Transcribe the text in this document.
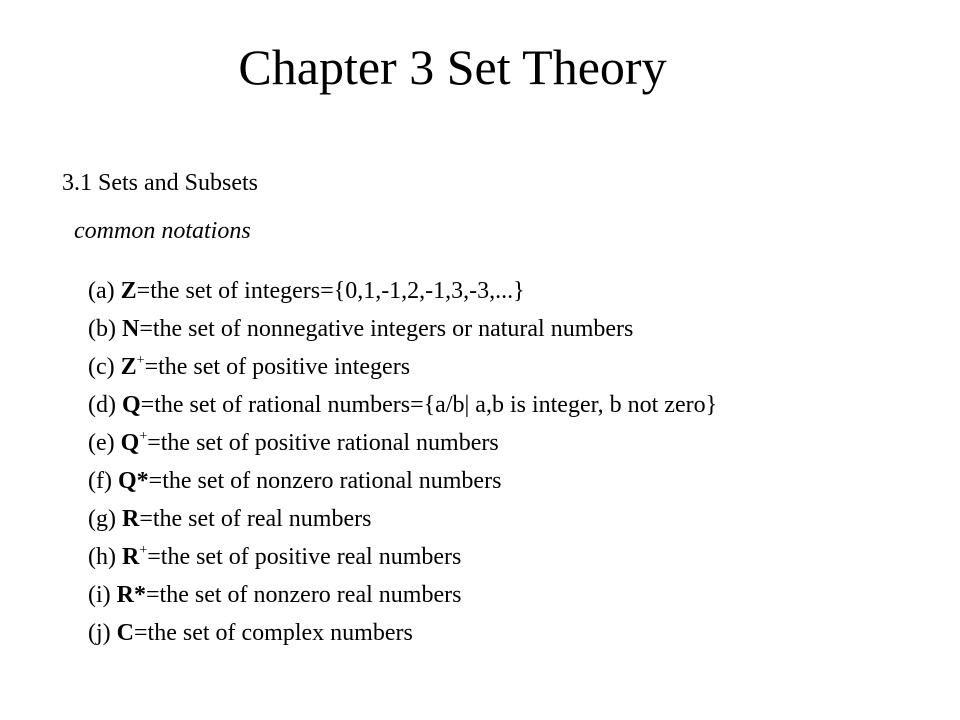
Chapter 3 Set Theory
3.1 Sets and Subsets
common notations
(a) Z=the set of integers={0,1,-1,2,-1,3,-3,...}
(b) N=the set of nonnegative integers or natural numbers
(c) Z+=the set of positive integers
(d) Q=the set of rational numbers={a/b| a,b is integer, b not zero}
(e) Q+=the set of positive rational numbers
(f) Q*=the set of nonzero rational numbers
(g) R=the set of real numbers
(h) R+=the set of positive real numbers
(i) R*=the set of nonzero real numbers
(j) C=the set of complex numbers
